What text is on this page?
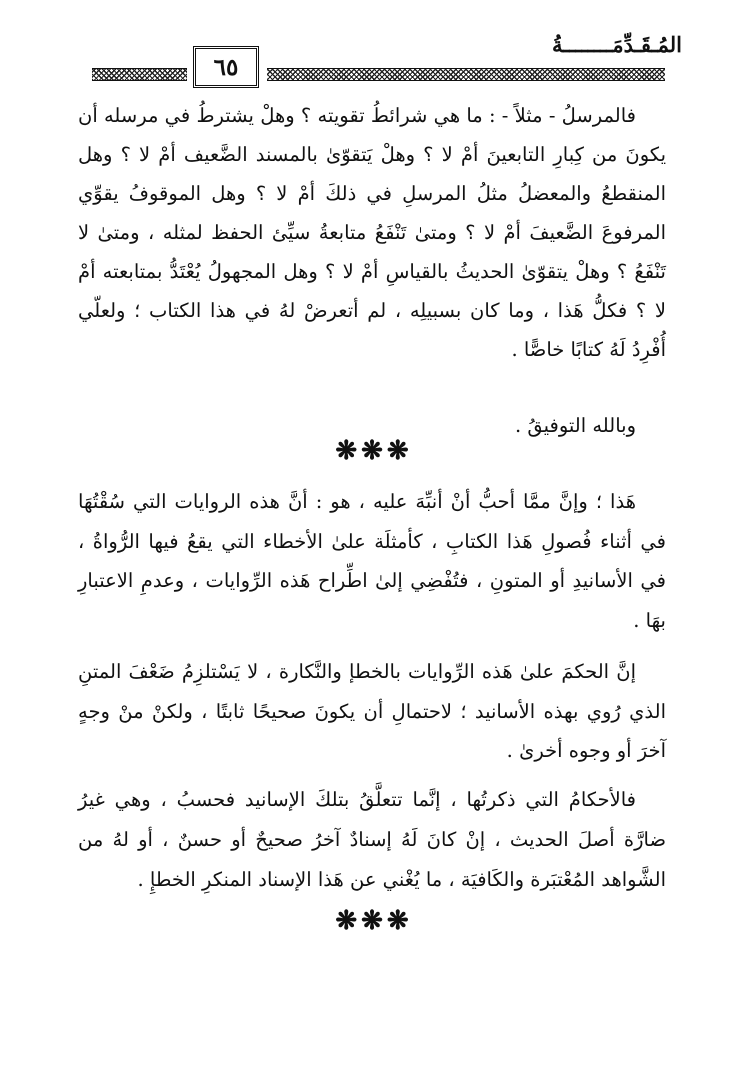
٦٥
المُـقَـدِّمَــــــــةُ

فالمرسلُ - مثلاً - : ما هي شرائطُ تقويته ؟ وهلْ يشترطُ في مرسله أن يكونَ من كِبارِ التابعينَ أمْ لا ؟ وهلْ يَتقوّىٰ بالمسند الضَّعيف أمْ لا ؟ وهل المنقطعُ والمعضلُ مثلُ المرسلِ في ذلكَ أمْ لا ؟ وهل الموقوفُ يقوِّي المرفوعَ الضَّعيفَ أمْ لا ؟ ومتىٰ تَنْفَعُ متابعةُ سيِّئ الحفظ لمثله ، ومتىٰ لا تَنْفَعُ ؟ وهلْ يتقوّىٰ الحديثُ بالقياسِ أمْ لا ؟ وهل المجهولُ يُعْتَدُّ بمتابعته أمْ لا ؟ فكلُّ هَذا ، وما كان بسبيلِه ، لم أتعرضْ لهُ في هذا الكتاب ؛ ولعلّي أُفْرِدُ لَهُ كتابًا خاصًّا .

وبالله التوفيقُ .
❋❋❋

هَذا ؛ وإنَّ ممَّا أحبُّ أنْ أنبِّهَ عليه ، هو : أنَّ هذه الروايات التي سُقْتُهَا في أثناء فُصولِ هَذا الكتابِ ، كأمثلَة علىٰ الأخطاء التي يقعُ فيها الرُّواةُ ، في الأسانيدِ أو المتونِ ، فتُفْضِي إلىٰ اطِّراح هَذه الرِّوايات ، وعدمِ الاعتبارِ بهَا .

إنَّ الحكمَ علىٰ هَذه الرِّوايات بالخطإ والنَّكارة ، لا يَسْتلزِمُ ضَعْفَ المتنِ الذي رُوي بهذه الأسانيد ؛ لاحتمالِ أن يكونَ صحيحًا ثابتًا ، ولكنْ منْ وجهٍ آخرَ أو وجوه أخرىٰ .

فالأحكامُ التي ذكرتُها ، إنَّما تتعلَّقُ بتلكَ الإسانيد فحسبُ ، وهي غيرُ ضارَّة أصلَ الحديث ، إنْ كانَ لَهُ إسنادٌ آخرُ صحيحٌ أو حسنٌ ، أو لهُ من الشَّواهد المُعْتبَرة والكَافيَة ، ما يُغْني عن هَذا الإسناد المنكرِ الخطإِ .

❋❋❋
